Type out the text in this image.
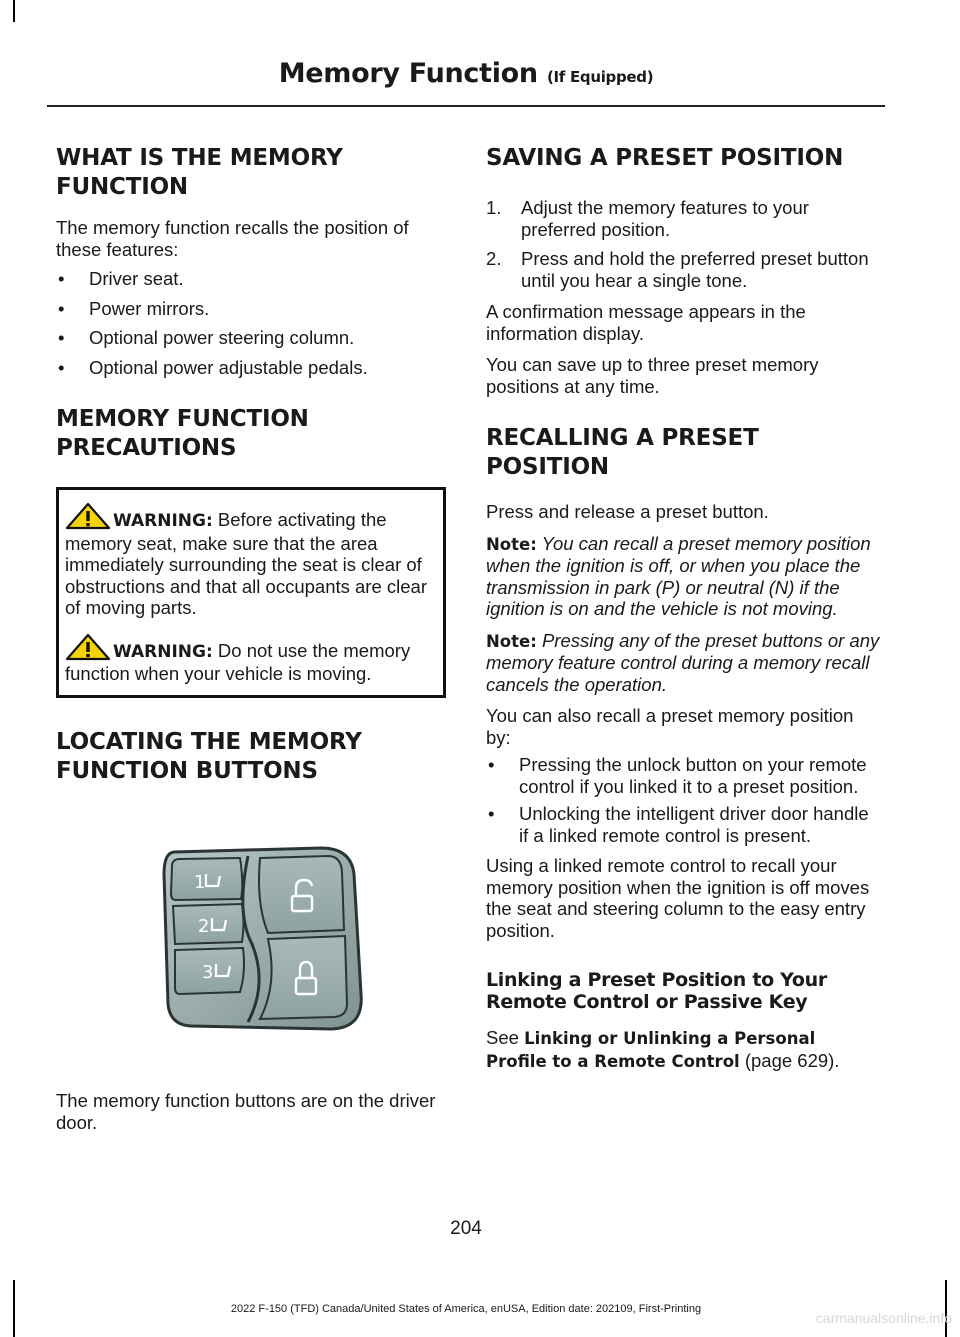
Memory Function (If Equipped)
WHAT IS THE MEMORY
FUNCTION

The memory function recalls the position of these features:

• Driver seat.
• Power mirrors.
• Optional power steering column.
• Optional power adjustable pedals.
MEMORY FUNCTION
PRECAUTIONS

WARNING: Before activating the memory seat, make sure that the area immediately surrounding the seat is clear of obstructions and that all occupants are clear of moving parts.

WARNING: Do not use the memory function when your vehicle is moving.

LOCATING THE MEMORY
FUNCTION BUTTONS

The memory function buttons are on the driver door.

1
2
3
SAVING A PRESET POSITION
1. Adjust the memory features to your preferred position.
2. Press and hold the preferred preset button until you hear a single tone.

A confirmation message appears in the information display.

You can save up to three preset memory positions at any time.

RECALLING A PRESET
POSITION

Press and release a preset button.

Note: You can recall a preset memory position when the ignition is off, or when you place the transmission in park (P) or neutral (N) if the ignition is on and the vehicle is not moving.

Note: Pressing any of the preset buttons or any memory feature control during a memory recall cancels the operation.

You can also recall a preset memory position by:

• Pressing the unlock button on your remote control if you linked it to a preset position.
• Unlocking the intelligent driver door handle if a linked remote control is present.

Using a linked remote control to recall your memory position when the ignition is off moves the seat and steering column to the easy entry position.

Linking a Preset Position to Your Remote Control or Passive Key

See Linking or Unlinking a Personal Profile to a Remote Control (page 629).

204
2022 F-150 (TFD) Canada/United States of America, enUSA, Edition date: 202109, First-Printing
carmanualsonline.info
